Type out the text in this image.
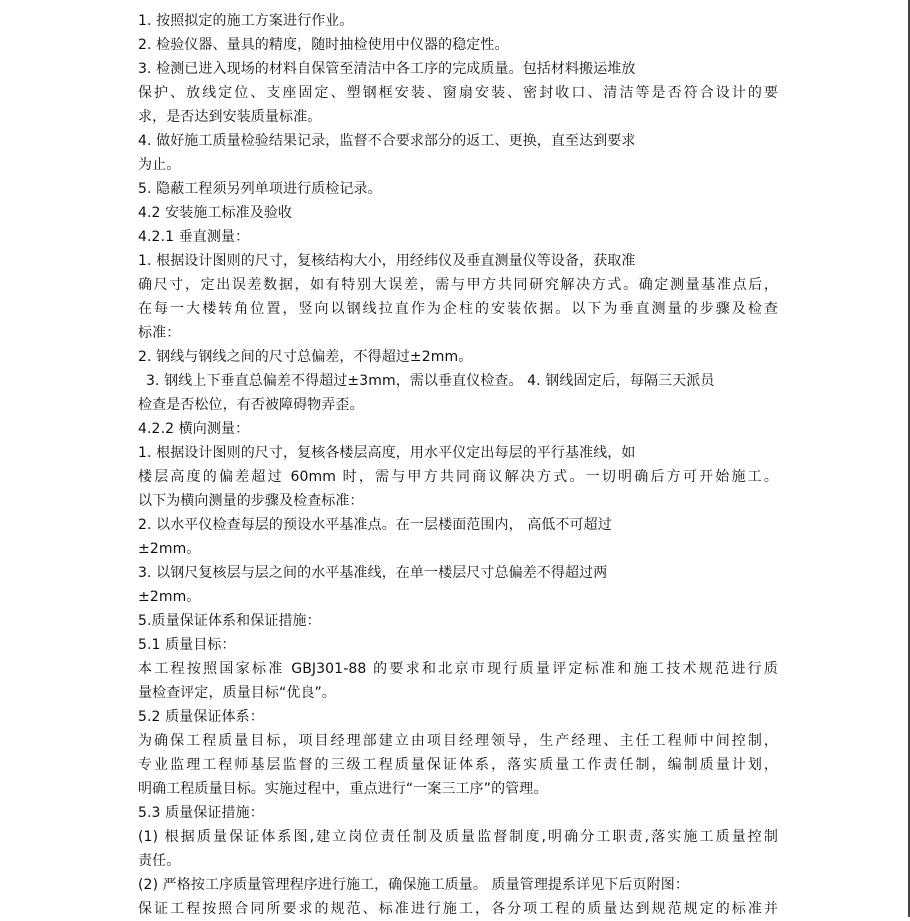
1. 按照拟定的施工方案进行作业。
2. 检验仪器、量具的精度，随时抽检使用中仪器的稳定性。
3. 检测已进入现场的材料自保管至清洁中各工序的完成质量。包括材料搬运堆放
保护、放线定位、支座固定、塑钢框安装、窗扇安装、密封收口、清洁等是否符合设计的要
求，是否达到安装质量标准。
4. 做好施工质量检验结果记录，监督不合要求部分的返工、更换，直至达到要求
为止。
5. 隐蔽工程须另列单项进行质检记录。
4.2 安装施工标准及验收
4.2.1 垂直测量：
1. 根据设计图则的尺寸，复核结构大小，用经纬仪及垂直测量仪等设备，获取准
确尺寸，定出误差数据，如有特别大误差，需与甲方共同研究解决方式。确定测量基准点后，
在每一大楼转角位置，竖向以钢线拉直作为企柱的安装依据。以下为垂直测量的步骤及检查
标准：
2. 钢线与钢线之间的尺寸总偏差，不得超过±2mm。
3. 钢线上下垂直总偏差不得超过±3mm，需以垂直仪检查。 4. 钢线固定后，每隔三天派员
检查是否松位，有否被障碍物弄歪。
4.2.2 横向测量：
1. 根据设计图则的尺寸，复核各楼层高度，用水平仪定出每层的平行基准线，如
楼层高度的偏差超过 60mm 时，需与甲方共同商议解决方式。一切明确后方可开始施工。
以下为横向测量的步骤及检查标准：
2. 以水平仪检查每层的预设水平基准点。在一层楼面范围内， 高低不可超过
±2mm。
3. 以钢尺复核层与层之间的水平基准线，在单一楼层尺寸总偏差不得超过两
±2mm。
5.质量保证体系和保证措施：
5.1 质量目标：
本工程按照国家标准 GBJ301-88 的要求和北京市现行质量评定标准和施工技术规范进行质
量检查评定，质量目标“优良”。
5.2 质量保证体系：
为确保工程质量目标，项目经理部建立由项目经理领导，生产经理、主任工程师中间控制，
专业监理工程师基层监督的三级工程质量保证体系，落实质量工作责任制，编制质量计划，
明确工程质量目标。实施过程中，重点进行“一案三工序”的管理。
5.3 质量保证措施：
(1) 根据质量保证体系图,建立岗位责任制及质量监督制度,明确分工职责,落实施工质量控制
责任。
(2) 严格按工序质量管理程序进行施工，确保施工质量。 质量管理提系详见下后页附图：
保证工程按照合同所要求的规范、标准进行施工，各分项工程的质量达到规范规定的标准并
